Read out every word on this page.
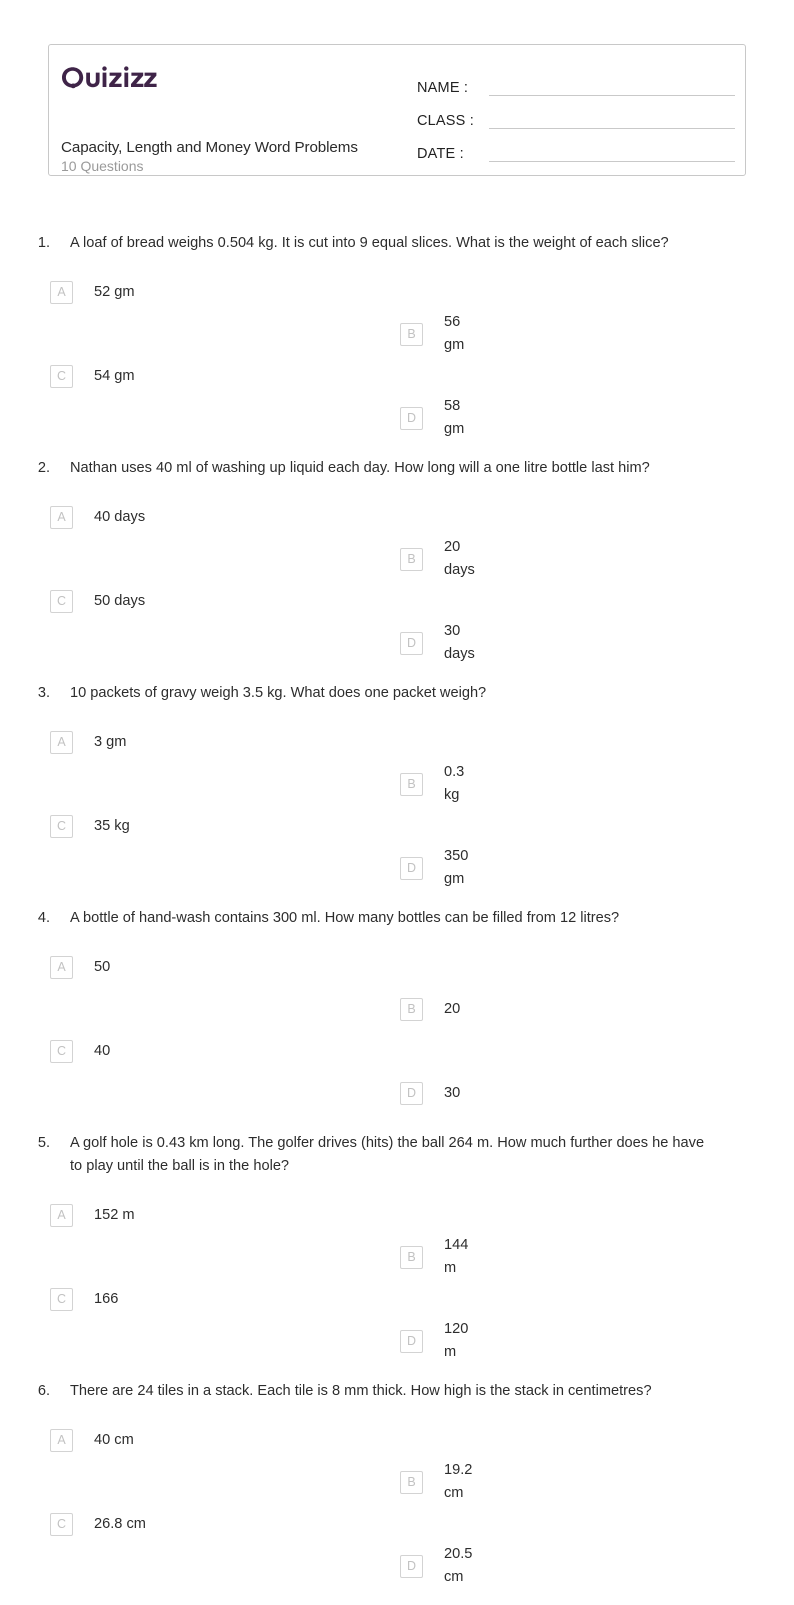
Capacity, Length and Money Word Problems
10 Questions
NAME :
CLASS :
DATE :
1.	A loaf of bread weighs 0.504 kg. It is cut into 9 equal slices. What is the weight of each slice?
A	52 gm
B
56 gm
C	54 gm
D
58 gm
2.	Nathan uses 40 ml of washing up liquid each day. How long will a one litre bottle last him?
A	40 days
B
20 days
C	50 days
D
30 days
3.	10 packets of gravy weigh 3.5 kg. What does one packet weigh?
A	3 gm
B
0.3 kg
C	35 kg
D
350 gm
4.	A bottle of hand-wash contains 300 ml. How many bottles can be filled from 12 litres?
A	50
B	20
C	40
D	30
5.	A golf hole is 0.43 km long. The golfer drives (hits) the ball 264 m. How much further does he have to play until the ball is in the hole?
A	152 m
B
144 m
C	166
D
120 m
6.	There are 24 tiles in a stack. Each tile is 8 mm thick. How high is the stack in centimetres?
A	40 cm
B
19.2 cm
C	26.8 cm
D
20.5 cm
